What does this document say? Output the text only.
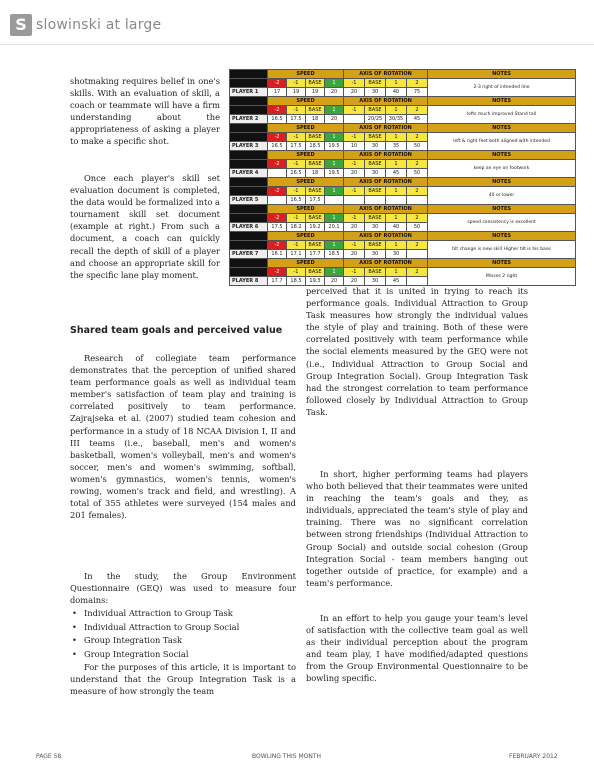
S slowinski at large
	SPEED				AXIS OF ROTATION				NOTES
	-2	-1	BASE	1	-1	BASE	1	2	2-3 right of intended line
PLAYER 1	17	19	19	20	20	30	40	75	
	SPEED				AXIS OF ROTATION				NOTES
	-2	-1	BASE	1	-1	BASE	1	2	lofts much improved Stand tall
PLAYER 2	16.5	17.5	18	20		20/25	30/35	45	
	SPEED				AXIS OF ROTATION				NOTES
	-2	-1	BASE	1	-1	BASE	1	2	left & right feet both aligned with intended
PLAYER 3	16.5	17.5	18.5	19.5	10	30	35	50	
	SPEED				AXIS OF ROTATION				NOTES
	-2	-1	BASE	1	-1	BASE	1	2	keep an eye on footwork
PLAYER 4		16.5	18	19.5	20	30	45	50	
	SPEED				AXIS OF ROTATION				NOTES
	-2	-1	BASE	1	-1	BASE	1	2	40 or lower
PLAYER 5		16.5	17.5						
	SPEED				AXIS OF ROTATION				NOTES
	-2	-1	BASE	1	-1	BASE	1	2	speed consistency is excellent
PLAYER 6	17.5	18.2	19.2	20.1	20	30	40	50	
	SPEED				AXIS OF ROTATION				NOTES
	-2	-1	BASE	1	-1	BASE	1	2	tilt change is new skill Higher tilt is his base
PLAYER 7	16.1	17.1	17.7	18.5	20	30	30		
	SPEED				AXIS OF ROTATION				NOTES
	-2	-1	BASE	1	-1	BASE	1	2	Misses 2 right
PLAYER 8	17.7	18.5	19.3	20	20	30	45		

shotmaking requires belief in one's skills. With an evaluation of skill, a coach or teammate will have a firm understanding about the appropriateness of asking a player to make a specific shot.

Once each player's skill set evaluation document is completed, the data would be formalized into a tournament skill set document (example at right.) From such a document, a coach can quickly recall the depth of skill of a player and choose an appropriate skill for the specific lane play moment.

Shared team goals and perceived value

Research of collegiate team performance demonstrates that the perception of unified shared team performance goals as well as individual team member's satisfaction of team play and training is correlated positively to team performance. Zajrajseka et al. (2007) studied team cohesion and performance in a study of 18 NCAA Division I, II and III teams (i.e., baseball, men's and women's basketball, women's volleyball, men's and women's soccer, men's and women's swimming, softball, women's gymnastics, women's tennis, women's rowing, women's track and field, and wrestling). A total of 355 athletes were surveyed (154 males and 201 females).

In the study, the Group Environment Questionnaire (GEQ) was used to measure four domains:

• Individual Attraction to Group Task
• Individual Attraction to Group Social
• Group Integration Task
• Group Integration Social

For the purposes of this article, it is important to understand that the Group Integration Task is a measure of how strongly the team

perceived that it is united in trying to reach its performance goals. Individual Attraction to Group Task measures how strongly the individual values the style of play and training. Both of these were correlated positively with team performance while the social elements measured by the GEQ were not (i.e., Individual Attraction to Group Social and Group Integration Social). Group Integration Task had the strongest correlation to team performance followed closely by Individual Attraction to Group Task.

In short, higher performing teams had players who both believed that their teammates were united in reaching the team's goals and they, as individuals, appreciated the team's style of play and training. There was no significant correlation between strong friendships (Individual Attraction to Group Social) and outside social cohesion (Group Integration Social - team members hanging out together outside of practice, for example) and a team's performance.

In an effort to help you gauge your team's level of satisfaction with the collective team goal as well as their individual perception about the program and team play, I have modified/adapted questions from the Group Environmental Questionnaire to be bowling specific.

PAGE 58	BOWLING THIS MONTH	FEBRUARY 2012
